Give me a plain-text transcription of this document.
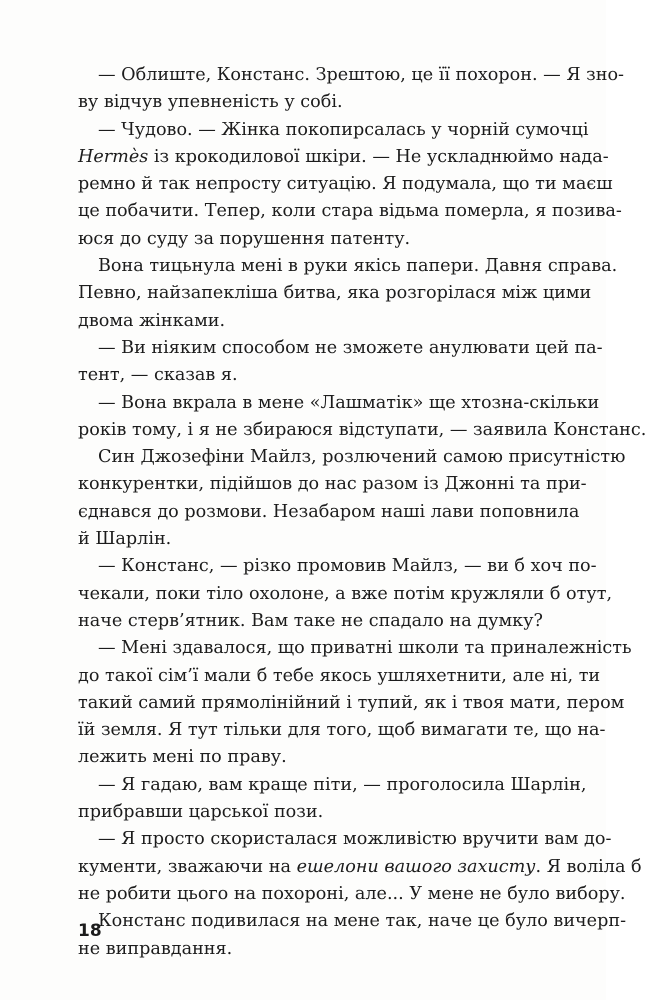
— Облиште, Констанс. Зрештою, це її похорон. — Я зно-
ву відчув упевненість у собі.
— Чудово. — Жінка покопирсалась у чорній сумочці
Hermès із крокодилової шкіри. — Не ускладнюймо нада-
ремно й так непросту ситуацію. Я подумала, що ти маєш
це побачити. Тепер, коли стара відьма померла, я позива-
юся до суду за порушення патенту.
Вона тицьнула мені в руки якісь папери. Давня справа.
Певно, найзапекліша битва, яка розгорілася між цими
двома жінками.
— Ви ніяким способом не зможете анулювати цей па-
тент, — сказав я.
— Вона вкрала в мене «Лашматік» ще хтозна-скільки
років тому, і я не збираюся відступати, — заявила Констанс.
Син Джозефіни Майлз, розлючений самою присутністю
конкурентки, підійшов до нас разом із Джонні та при-
єднався до розмови. Незабаром наші лави поповнила
й Шарлін.
— Констанс, — різко промовив Майлз, — ви б хоч по-
чекали, поки тіло охолоне, а вже потім кружляли б отут,
наче стерв’ятник. Вам таке не спадало на думку?
— Мені здавалося, що приватні школи та приналежність
до такої сім’ї мали б тебе якось ушляхетнити, але ні, ти
такий самий прямолінійний і тупий, як і твоя мати, пером
їй земля. Я тут тільки для того, щоб вимагати те, що на-
лежить мені по праву.
— Я гадаю, вам краще піти, — проголосила Шарлін,
прибравши царської пози.
— Я просто скористалася можливістю вручити вам до-
кументи, зважаючи на ешелони вашого захисту. Я воліла б
не робити цього на похороні, але... У мене не було вибору.
Констанс подивилася на мене так, наче це було вичерп-
не виправдання.
18
